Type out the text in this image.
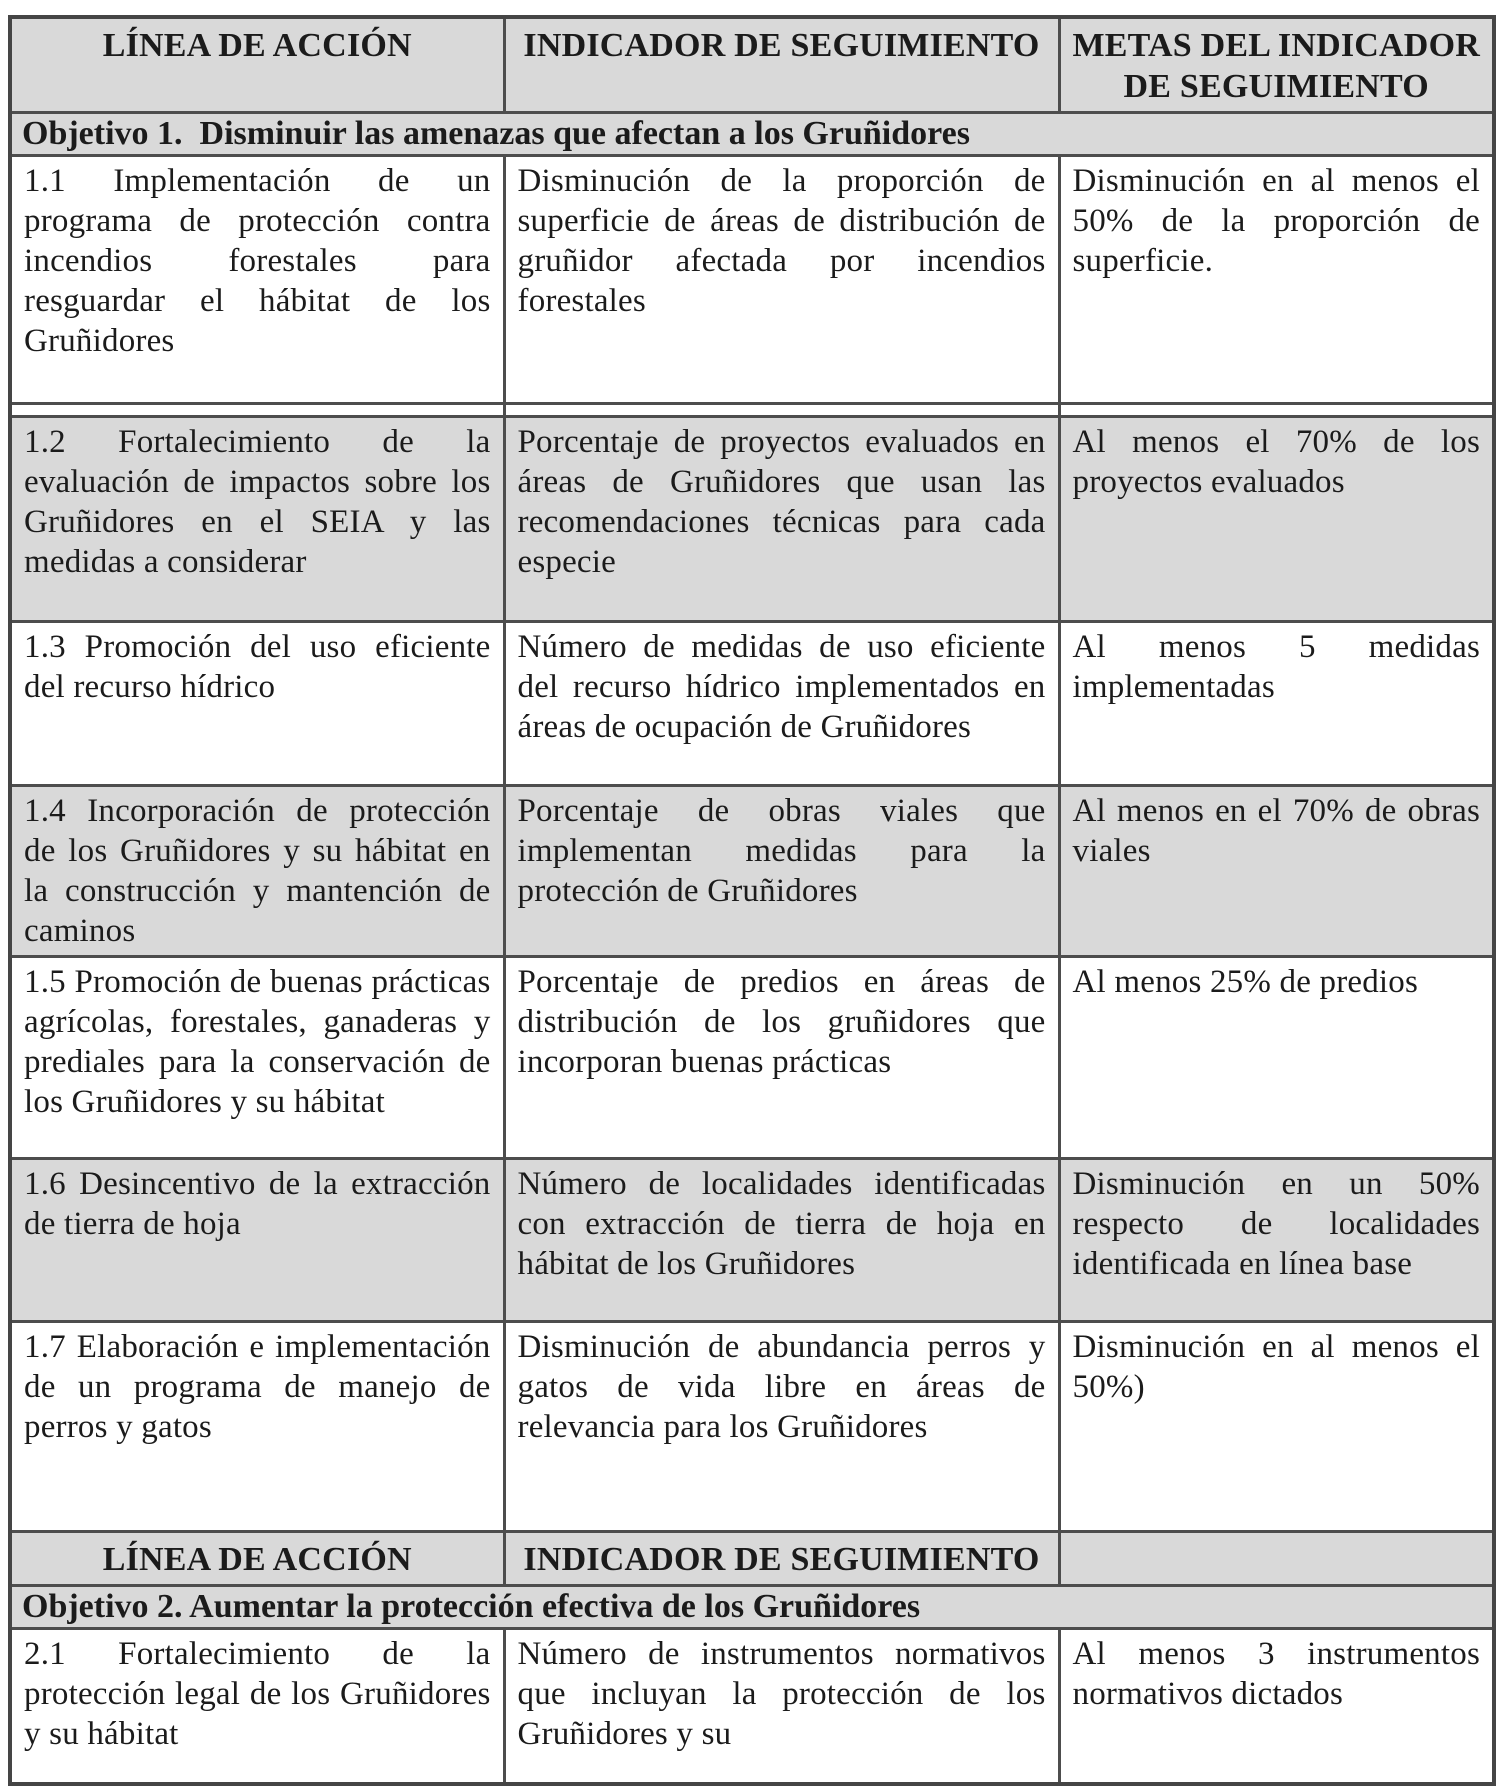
LÍNEA DE ACCIÓN	INDICADOR DE SEGUIMIENTO	METAS DEL INDICADOR DE SEGUIMIENTO
Objetivo 1.  Disminuir las amenazas que afectan a los Gruñidores		
1.1 Implementación de un programa de protección contra incendios forestales para resguardar el hábitat de los Gruñidores	Disminución de la proporción de superficie de áreas de distribución de gruñidor afectada por incendios forestales	Disminución en al menos el 50% de la proporción de superficie.

1.2 Fortalecimiento de la evaluación de impactos sobre los Gruñidores en el SEIA y las medidas a considerar	Porcentaje de proyectos evaluados en áreas de Gruñidores que usan las recomendaciones técnicas para cada especie	Al menos el 70% de los proyectos evaluados
1.3 Promoción del uso eficiente del recurso hídrico	Número de medidas de uso eficiente del recurso hídrico implementados en áreas de ocupación de Gruñidores	Al menos 5 medidas implementadas
1.4 Incorporación de protección de los Gruñidores y su hábitat en la construcción y mantención de caminos	Porcentaje de obras viales que implementan medidas para la protección de Gruñidores	Al menos en el 70% de obras viales
1.5 Promoción de buenas prácticas agrícolas, forestales, ganaderas y prediales para la conservación de los Gruñidores y su hábitat	Porcentaje de predios en áreas de distribución de los gruñidores que incorporan buenas prácticas	Al menos 25% de predios
1.6 Desincentivo de la extracción de tierra de hoja	Número de localidades identificadas con extracción de tierra de hoja en hábitat de los Gruñidores	Disminución en un 50% respecto de localidades identificada en línea base
1.7 Elaboración e implementación de un programa de manejo de perros y gatos	Disminución de abundancia perros y gatos de vida libre en áreas de relevancia para los Gruñidores	Disminución en al menos el 50%)
LÍNEA DE ACCIÓN	INDICADOR DE SEGUIMIENTO	
Objetivo 2. Aumentar la protección efectiva de los Gruñidores		
2.1 Fortalecimiento de la protección legal de los Gruñidores y su hábitat	Número de instrumentos normativos que incluyan la protección de los Gruñidores y su	Al menos 3 instrumentos normativos dictados
